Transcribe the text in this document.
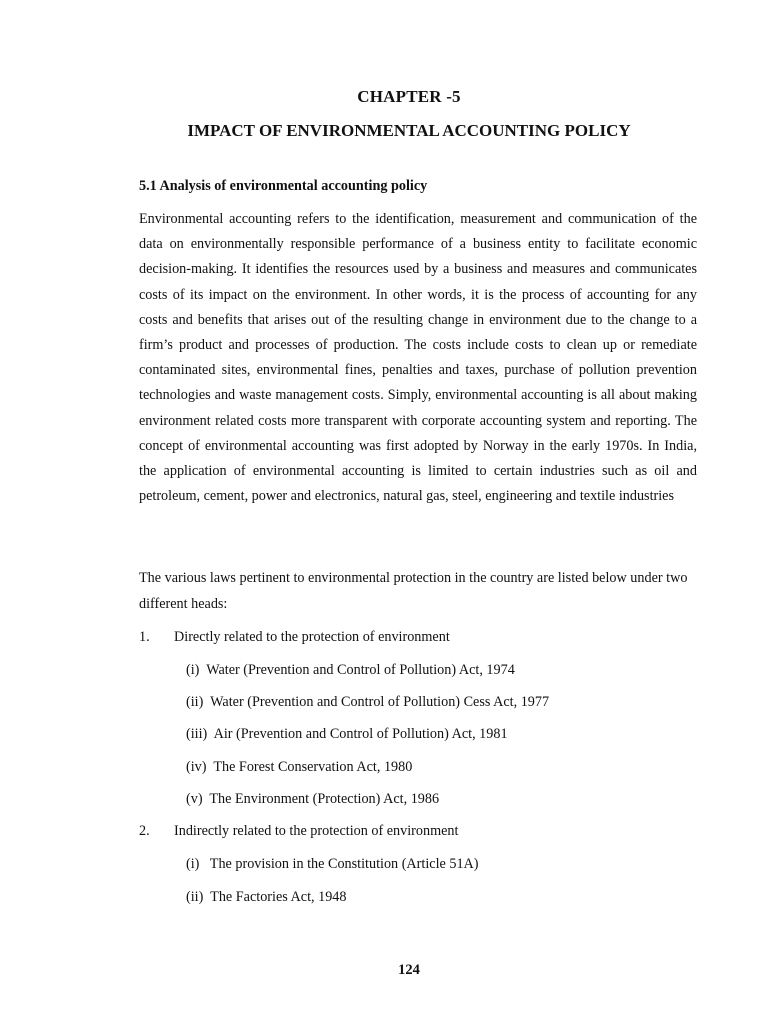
CHAPTER -5
IMPACT OF ENVIRONMENTAL ACCOUNTING POLICY
5.1 Analysis of environmental accounting policy

Environmental accounting refers to the identification, measurement and communication of the data on environmentally responsible performance of a business entity to facilitate economic decision-making. It identifies the resources used by a business and measures and communicates costs of its impact on the environment. In other words, it is the process of accounting for any costs and benefits that arises out of the resulting change in environment due to the change to a firm’s product and processes of production. The costs include costs to clean up or remediate contaminated sites, environmental fines, penalties and taxes, purchase of pollution prevention technologies and waste management costs. Simply, environmental accounting is all about making environment related costs more transparent with corporate accounting system and reporting. The concept of environmental accounting was first adopted by Norway in the early 1970s. In India, the application of environmental accounting is limited to certain industries such as oil and petroleum, cement, power and electronics, natural gas, steel, engineering and textile industries

The various laws pertinent to environmental protection in the country are listed below under two different heads:

1. Directly related to the protection of environment
(i)  Water (Prevention and Control of Pollution) Act, 1974
(ii)  Water (Prevention and Control of Pollution) Cess Act, 1977
(iii)  Air (Prevention and Control of Pollution) Act, 1981
(iv)  The Forest Conservation Act, 1980
(v)  The Environment (Protection) Act, 1986
2. Indirectly related to the protection of environment
(i)   The provision in the Constitution (Article 51A)
(ii)  The Factories Act, 1948
124
